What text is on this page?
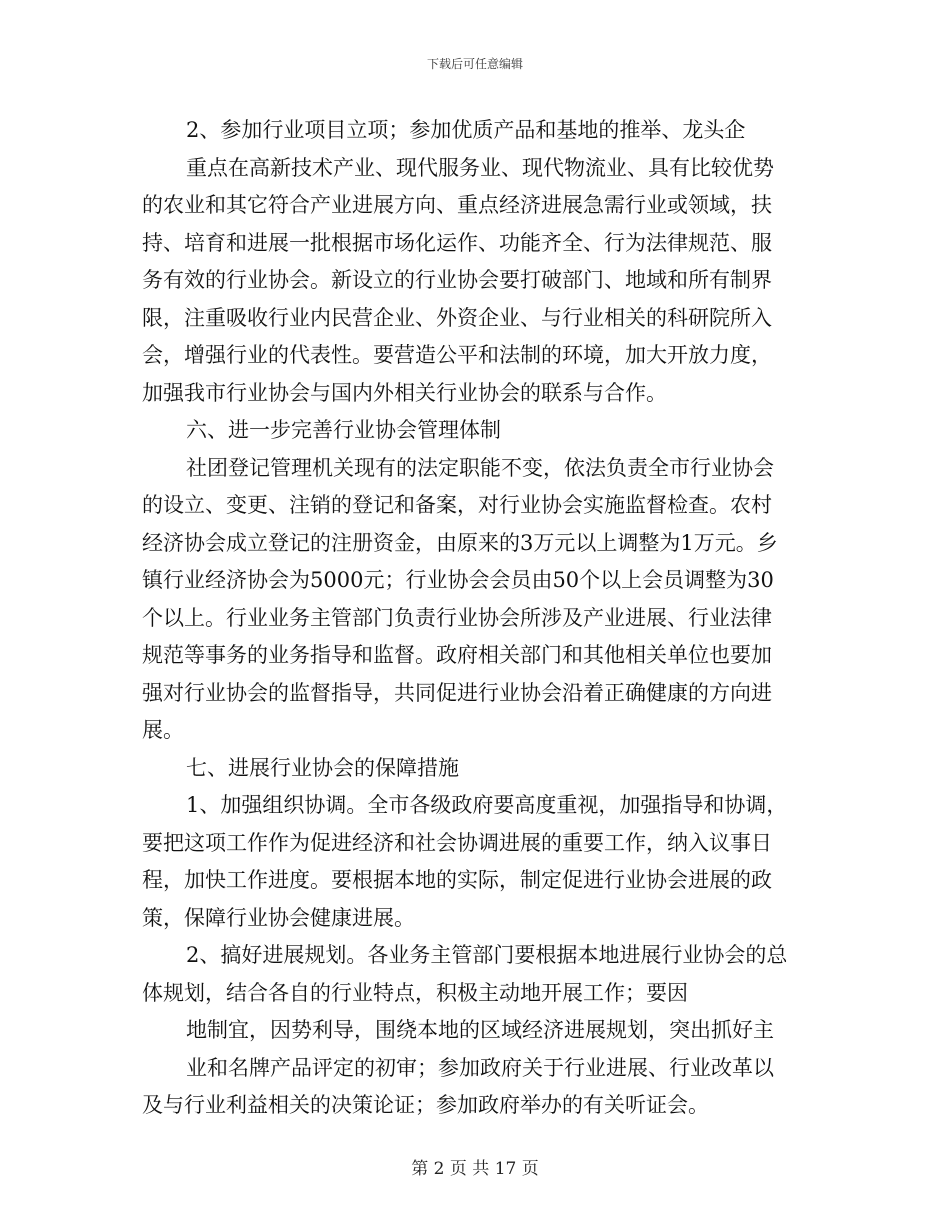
下载后可任意编辑
2、参加行业项目立项；参加优质产品和基地的推举、龙头企
重点在高新技术产业、现代服务业、现代物流业、具有比较优势
的农业和其它符合产业进展方向、重点经济进展急需行业或领域，扶
持、培育和进展一批根据市场化运作、功能齐全、行为法律规范、服
务有效的行业协会。新设立的行业协会要打破部门、地域和所有制界
限，注重吸收行业内民营企业、外资企业、与行业相关的科研院所入
会，增强行业的代表性。要营造公平和法制的环境，加大开放力度，
加强我市行业协会与国内外相关行业协会的联系与合作。
六、进一步完善行业协会管理体制
社团登记管理机关现有的法定职能不变，依法负责全市行业协会
的设立、变更、注销的登记和备案，对行业协会实施监督检查。农村
经济协会成立登记的注册资金，由原来的3万元以上调整为1万元。乡
镇行业经济协会为5000元；行业协会会员由50个以上会员调整为30
个以上。行业业务主管部门负责行业协会所涉及产业进展、行业法律
规范等事务的业务指导和监督。政府相关部门和其他相关单位也要加
强对行业协会的监督指导，共同促进行业协会沿着正确健康的方向进
展。
七、进展行业协会的保障措施
1、加强组织协调。全市各级政府要高度重视，加强指导和协调，
要把这项工作作为促进经济和社会协调进展的重要工作，纳入议事日
程，加快工作进度。要根据本地的实际，制定促进行业协会进展的政
策，保障行业协会健康进展。
2、搞好进展规划。各业务主管部门要根据本地进展行业协会的总
体规划，结合各自的行业特点，积极主动地开展工作；要因
地制宜，因势利导，围绕本地的区域经济进展规划，突出抓好主
业和名牌产品评定的初审；参加政府关于行业进展、行业改革以
及与行业利益相关的决策论证；参加政府举办的有关听证会。
第 2 页 共 17 页
